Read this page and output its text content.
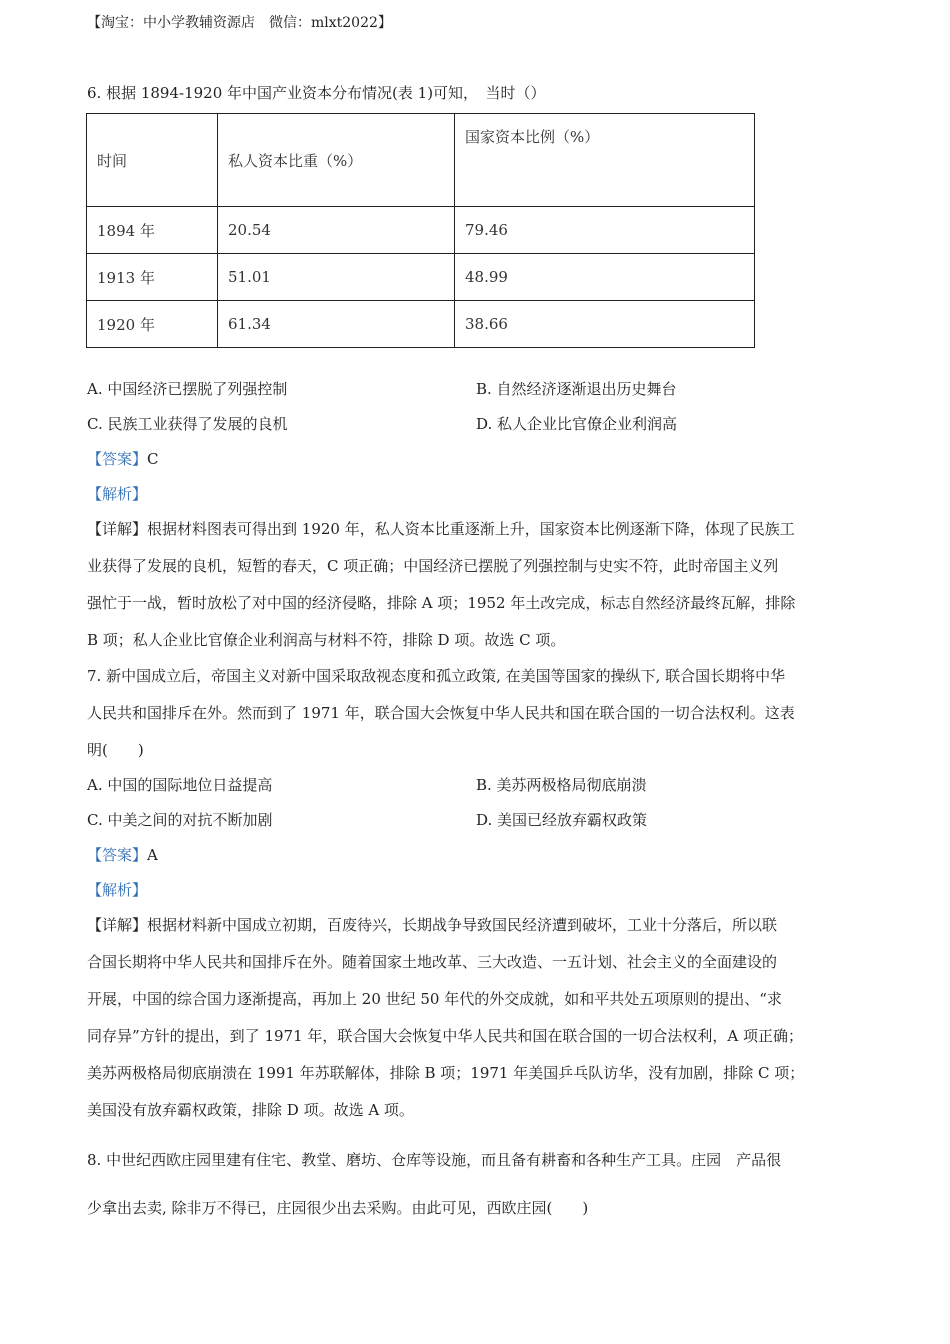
【淘宝：中小学教辅资源店　微信：mlxt2022】
6. 根据 1894-1920 年中国产业资本分布情况(表 1)可知，　当时（）
时间	私人资本比重（%）	国家资本比例（%）
1894 年	20.54	79.46
1913 年	51.01	48.99
1920 年	61.34	38.66
A. 中国经济已摆脱了列强控制	B. 自然经济逐渐退出历史舞台
C. 民族工业获得了发展的良机	D. 私人企业比官僚企业利润高
【答案】C
【解析】
【详解】根据材料图表可得出到 1920 年，私人资本比重逐渐上升，国家资本比例逐渐下降，体现了民族工
业获得了发展的良机，短暂的春天，C 项正确；中国经济已摆脱了列强控制与史实不符，此时帝国主义列
强忙于一战，暂时放松了对中国的经济侵略，排除 A 项；1952 年土改完成，标志自然经济最终瓦解，排除
B 项；私人企业比官僚企业利润高与材料不符，排除 D 项。故选 C 项。
7. 新中国成立后，帝国主义对新中国采取敌视态度和孤立政策, 在美国等国家的操纵下, 联合国长期将中华
人民共和国排斥在外。然而到了 1971 年，联合国大会恢复中华人民共和国在联合国的一切合法权利。这表
明(　　)
A. 中国的国际地位日益提高	B. 美苏两极格局彻底崩溃
C. 中美之间的对抗不断加剧	D. 美国已经放弃霸权政策
【答案】A
【解析】
【详解】根据材料新中国成立初期，百废待兴，长期战争导致国民经济遭到破坏，工业十分落后，所以联
合国长期将中华人民共和国排斥在外。随着国家土地改革、三大改造、一五计划、社会主义的全面建设的
开展，中国的综合国力逐渐提高，再加上 20 世纪 50 年代的外交成就，如和平共处五项原则的提出、“求
同存异”方针的提出，到了 1971 年，联合国大会恢复中华人民共和国在联合国的一切合法权利，A 项正确；
美苏两极格局彻底崩溃在 1991 年苏联解体，排除 B 项；1971 年美国乒乓队访华，没有加剧，排除 C 项；
美国没有放弃霸权政策，排除 D 项。故选 A 项。
8. 中世纪西欧庄园里建有住宅、教堂、磨坊、仓库等设施，而且备有耕畜和各种生产工具。庄园　产品很
少拿出去卖, 除非万不得已，庄园很少出去采购。由此可见，西欧庄园(　　)
